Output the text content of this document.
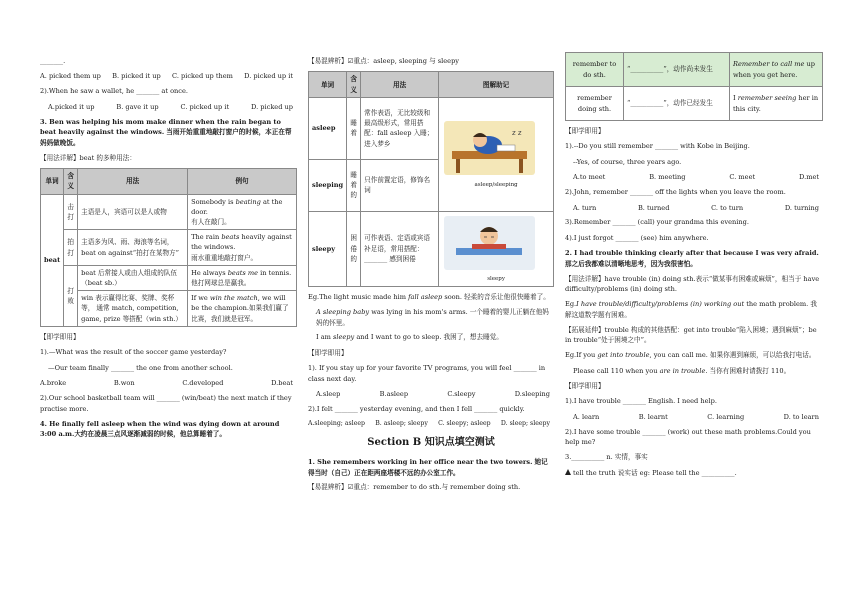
_______.
A. picked them up B. picked it up C. picked up them D. picked up it
2).When he saw a wallet, he _______ at once.
A.picked it up	B. gave it up	C. picked up it	D. picked up
3. Ben was helping his mom make dinner when the rain began to beat heavily against the windows. 当雨开始重重地敲打窗户的时候，本正在帮妈妈做晚饭。
【用法详解】beat 的多种用法：
单词	含义	用法	例句
beat	击打	主语是人，宾语可以是人或物	Somebody is beating at the door.
有人在敲门。
	拍打	主语多为风、雨、海浪等名词，beat on against“拍打在某物方”	The rain beats heavily against the windows.
雨水重重地敲打窗户。
	打败	beat 后常接人或由人组成的队伍（beat sb.）	He always beats me in tennis.
他打网球总是赢我。
		win 表示赢得比赛、奖牌、奖杯等， 通常 match, competition, game, prize 等搭配（win sth.）	If we win the match, we will be the champion.如果我们赢了比赛，我们就是冠军。
【即学即用】
1).—What was the result of the soccer game yesterday?
—Our team finally _______ the one from another school.
A.broke	B.won	C.developed	D.beat
2).Our school basketball team will _______ (win/beat) the next match if they practise more.
4. He finally fell asleep when the wind was dying down at around 3:00 a.m.大约在凌晨三点风逐渐减弱的时候，他总算睡着了。
【易混辨析】☑重点：asleep, sleeping 与 sleepy
单词	含义	用法	图解助记
asleep	睡着	常作表语，无比较级和最高级形式，常用搭配：fall asleep 入睡；进入梦乡	z z
asleep/sleeping

sleeping	睡着的	只作前置定语，修饰名词	
sleepy	困倦的	可作表语、定语或宾语补足语，常用搭配：_______ 感到困倦	sleepy
Eg.The light music made him fall asleep soon. 轻柔的音乐让他很快睡着了。
A sleeping baby was lying in his mom's arms. 一个睡着的婴儿正躺在他妈妈的怀里。
I am sleepy and I want to go to sleep. 我困了，想去睡觉。
【即学即用】
1). If you stay up for your favorite TV programs, you will feel _______ in class next day.
A.sleep	B.asleep	C.sleepy	D.sleeping
2).I felt _______ yesterday evening, and then I fell _______ quickly.
A.sleeping; asleep B. asleep; sleepy C. sleepy; asleep D. sleep; sleepy
Section B 知识点填空测试
1. She remembers working in her office near the two towers. 她记得当时（自己）正在距两座塔楼不远的办公室工作。
【易混辨析】☑重点：remember to do sth.与 remember doing sth.
remember to do sth.	“__________”，动作尚未发生	Remember to call me up when you get here.
remember doing sth.	“__________”，动作已经发生	I remember seeing her in this city.
【即学即用】
1).--Do you still remember _______ with Kobe in Beijing.
--Yes, of course, three years ago.
A.to meet	B. meeting	C. meet	D.met
2).John, remember _______ off the lights when you leave the room.
A. turn	B. turned	C. to turn	D. turning
3).Remember _______ (call) your grandma this evening.
4).I just forgot _______ (see) him anywhere.
2. I had trouble thinking clearly after that because I was very afraid. 那之后我都难以清晰地思考，因为我很害怕。
【用法详解】have trouble (in) doing sth.表示“做某事有困难或麻烦”，相当于 have difficulty/problems (in) doing sth.
Eg.I have trouble/difficulty/problems (in) working out the math problem. 我解这道数学题有困难。
【拓展延伸】trouble 构成的其他搭配：get into trouble“陷入困境；遇到麻烦”；be in trouble“处于困境之中”。
Eg.If you get into trouble, you can call me. 如果你遇到麻烦，可以给我打电话。
Please call 110 when you are in trouble. 当你有困难时请拨打 110。
【即学即用】
1).I have trouble _______ English. I need help.
A. learn	B. learnt	C. learning	D. to learn
2).I have some trouble _______ (work) out these math problems.Could you help me?
3.__________ n. 实情，事实
tell the truth 说实话 eg: Please tell the __________.
